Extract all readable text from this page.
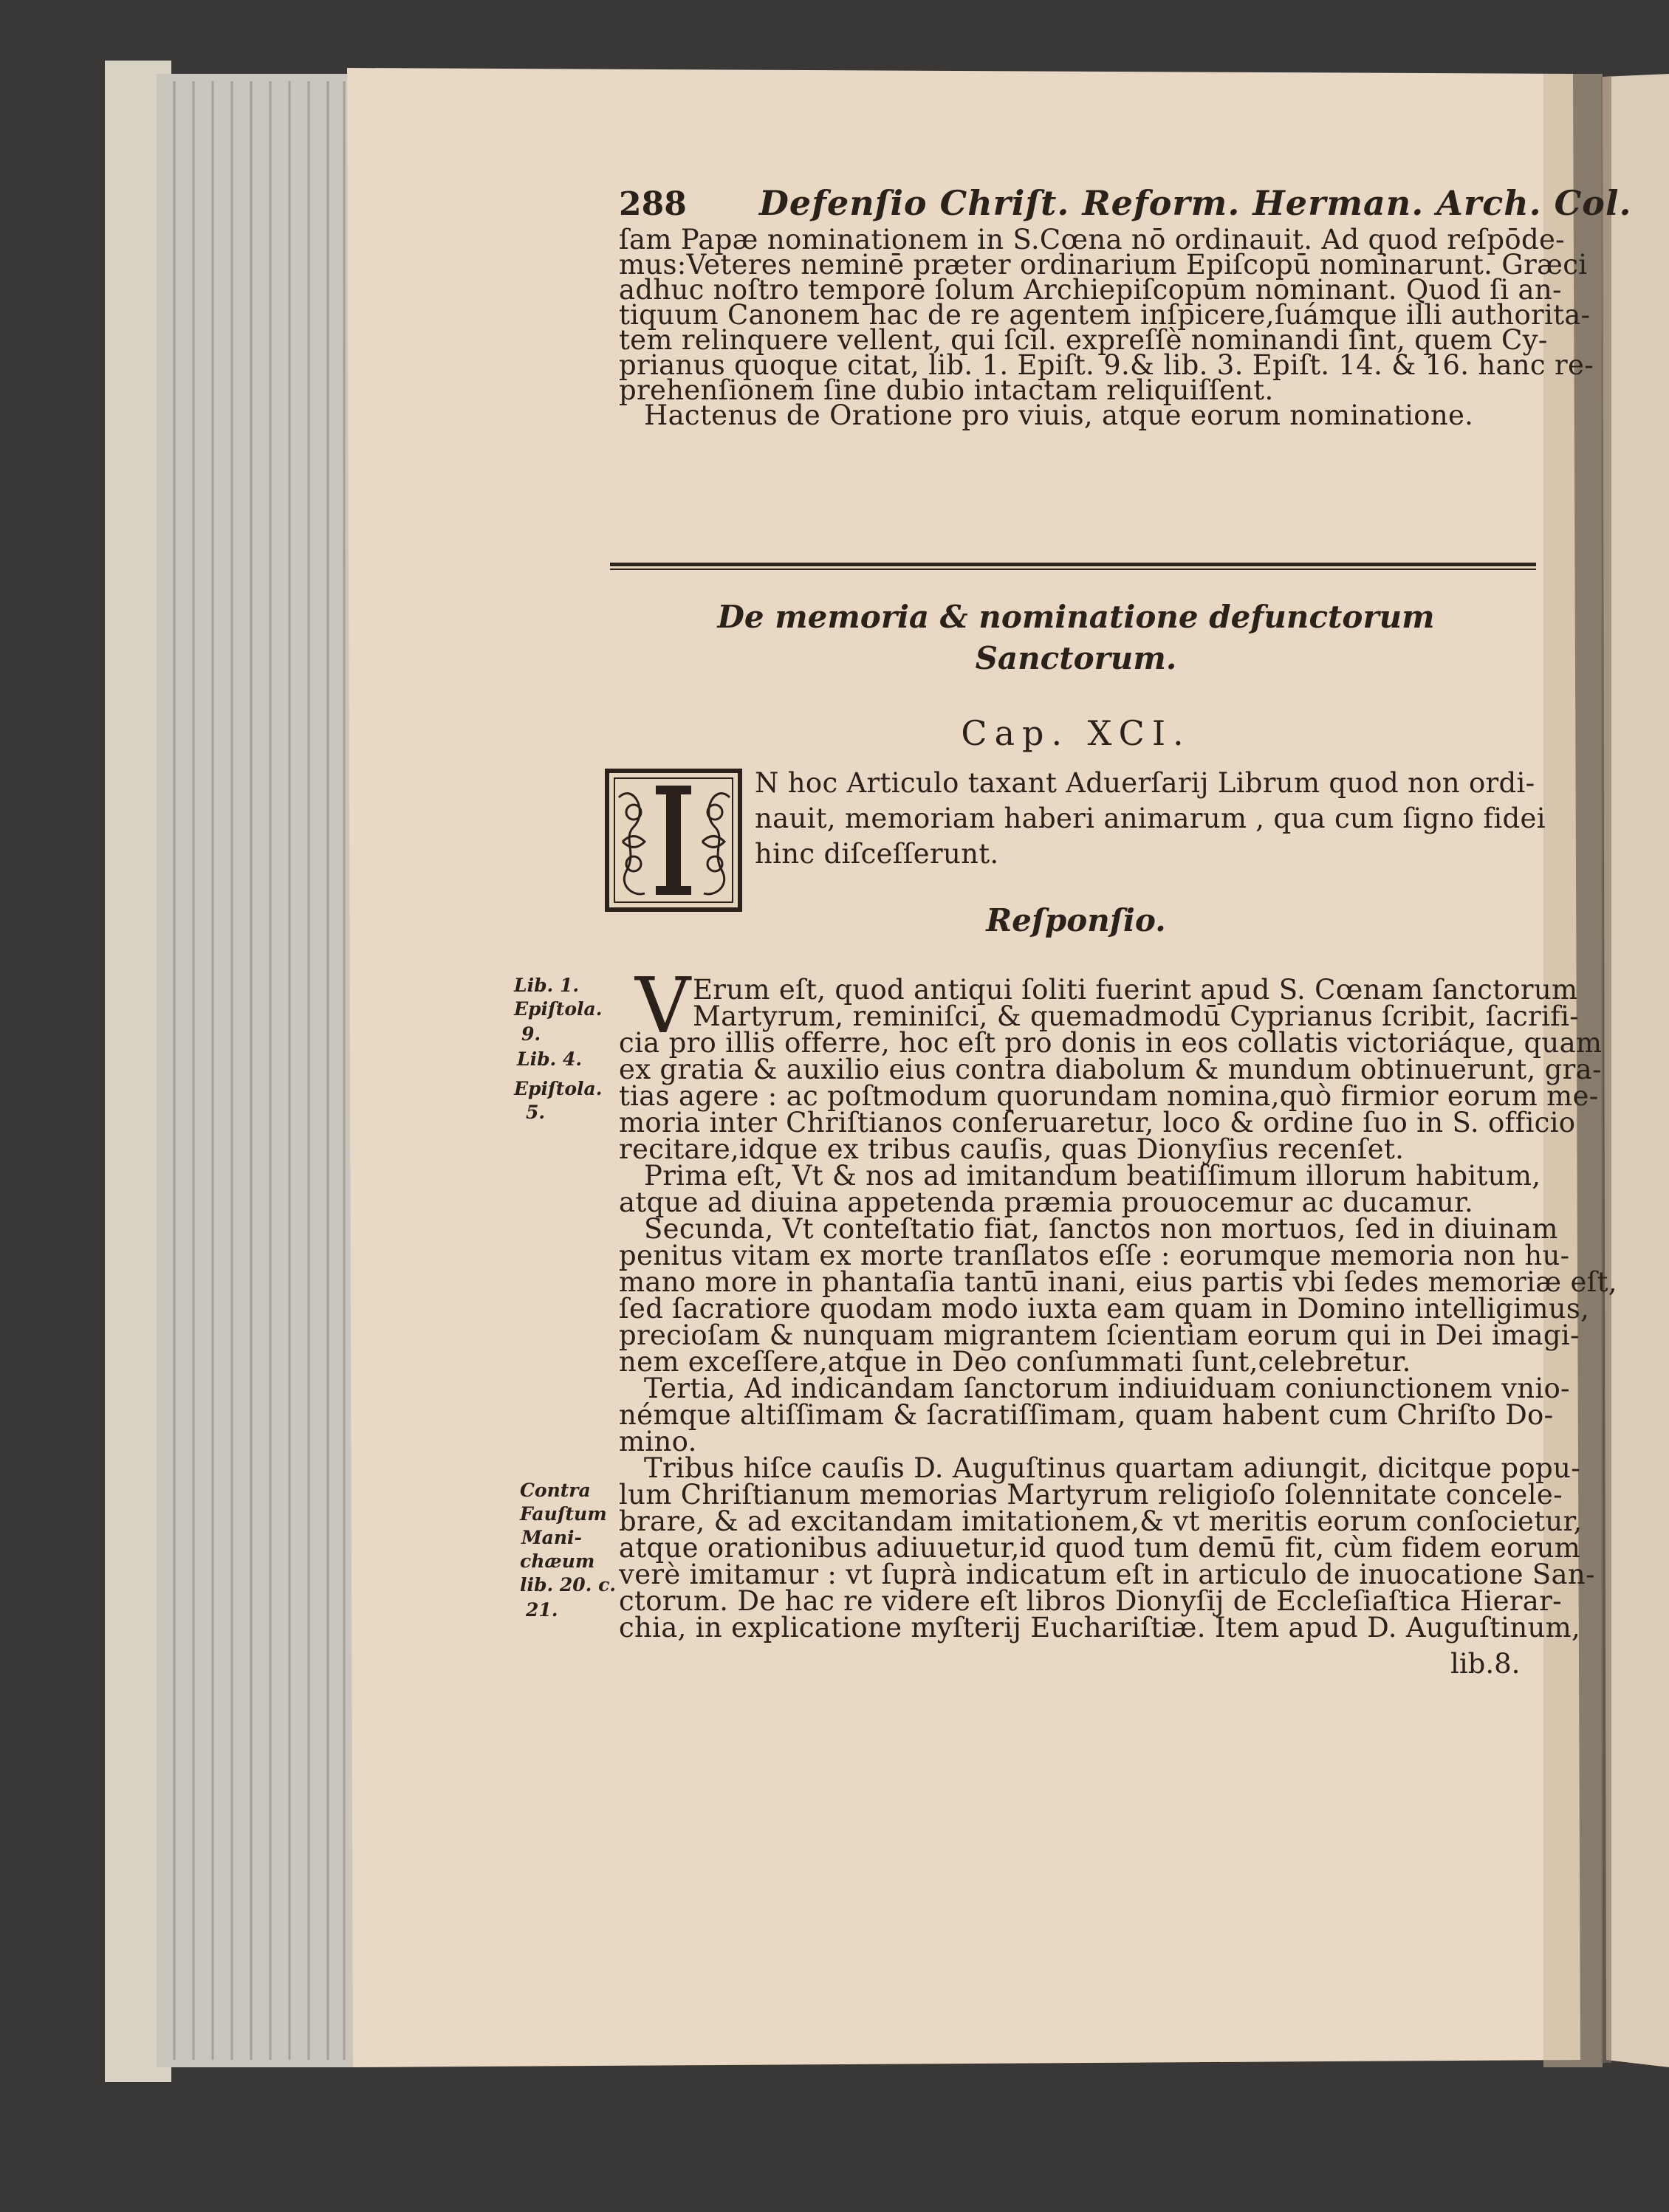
288 Defenſio Chriſt. Reform. Herman. Arch. Col.
ſam Papæ nominationem in S.Cœna nō ordinauit. Ad quod reſpōde-
mus:Veteres neminē præter ordinarium Epiſcopū nominarunt. Græci
adhuc noſtro tempore ſolum Archiepiſcopum nominant. Quod ſi an-
tiquum Canonem hac de re agentem inſpicere,ſuámque illi authorita-
tem relinquere vellent, qui ſcil. expreſſè nominandi ſint, quem Cy-
prianus quoque citat, lib. 1. Epiſt. 9.& lib. 3. Epiſt. 14. & 16. hanc re-
prehenſionem ſine dubio intactam reliquiſſent.
Hactenus de Oratione pro viuis, atque eorum nominatione.
De memoria & nominatione defunctorum
Sanctorum.
Cap. XCI.
N hoc Articulo taxant Aduerſarij Librum quod non ordi-
nauit, memoriam haberi animarum , qua cum ſigno fidei
hinc diſceſſerunt.
Reſponſio.
V Erum eſt, quod antiqui ſoliti fuerint apud S. Cœnam ſanctorum
Martyrum, reminiſci, & quemadmodū Cyprianus ſcribit, ſacrifi-
cia pro illis offerre, hoc eſt pro donis in eos collatis victoriáque, quam
ex gratia & auxilio eius contra diabolum & mundum obtinuerunt, gra-
tias agere : ac poſtmodum quorundam nomina,quò firmior eorum me-
moria inter Chriſtianos conſeruaretur, loco & ordine ſuo in S. officio
recitare,idque ex tribus cauſis, quas Dionyſius recenſet.
Prima eſt, Vt & nos ad imitandum beatiſſimum illorum habitum,
atque ad diuina appetenda præmia prouocemur ac ducamur.
Secunda, Vt conteſtatio fiat, ſanctos non mortuos, ſed in diuinam
penitus vitam ex morte tranſlatos eſſe : eorumque memoria non hu-
mano more in phantaſia tantū inani, eius partis vbi ſedes memoriæ eſt,
ſed ſacratiore quodam modo iuxta eam quam in Domino intelligimus,
precioſam & nunquam migrantem ſcientiam eorum qui in Dei imagi-
nem exceſſere,atque in Deo conſummati ſunt,celebretur.
Tertia, Ad indicandam ſanctorum indiuiduam coniunctionem vnio-
némque altiſſimam & ſacratiſſimam, quam habent cum Chriſto Do-
mino.
Tribus hiſce cauſis D. Auguſtinus quartam adiungit, dicitque popu-
lum Chriſtianum memorias Martyrum religioſo ſolennitate concele-
brare, & ad excitandam imitationem,& vt meritis eorum conſocietur,
atque orationibus adiuuetur,id quod tum demū fit, cùm fidem eorum
verè imitamur : vt ſuprà indicatum eſt in articulo de inuocatione San-
ctorum. De hac re videre eſt libros Dionyſij de Eccleſiaſtica Hierar-
chia, in explicatione myſterij Euchariſtiæ. Item apud D. Auguſtinum,
lib.8.
Lib. 1.
Epiſtola.
9.
Lib. 4.
Epiſtola.
5.
Contra
Fauſtum
Mani-
chæum
lib. 20. c.
21.
